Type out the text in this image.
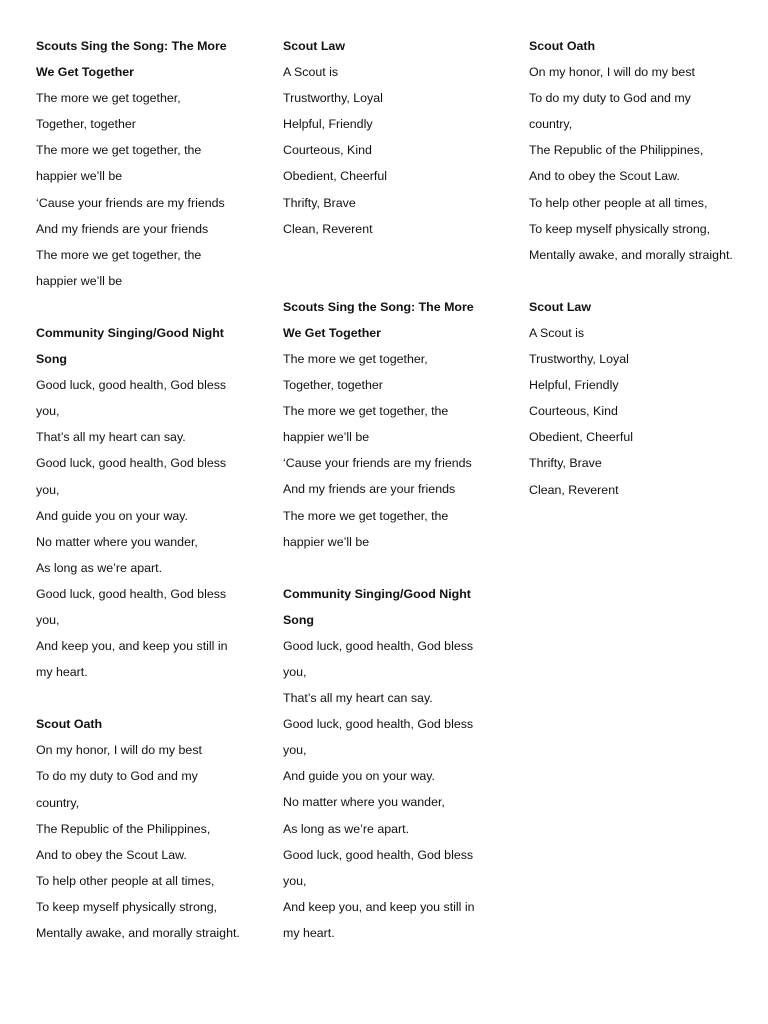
Scouts Sing the Song: The More We Get Together
The more we get together,
Together, together
The more we get together, the happier we’ll be
‘Cause your friends are my friends
And my friends are your friends
The more we get together, the happier we’ll be
Community Singing/Good Night Song
Good luck, good health, God bless you,
That’s all my heart can say.
Good luck, good health, God bless you,
And guide you on your way.
No matter where you wander,
As long as we’re apart.
Good luck, good health, God bless you,
And keep you, and keep you still in my heart.
Scout Oath
On my honor, I will do my best
To do my duty to God and my country,
The Republic of the Philippines,
And to obey the Scout Law.
To help other people at all times,
To keep myself physically strong,
Mentally awake, and morally straight.
Scout Law
A Scout is
Trustworthy, Loyal
Helpful, Friendly
Courteous, Kind
Obedient, Cheerful
Thrifty, Brave
Clean, Reverent
Scouts Sing the Song: The More We Get Together
The more we get together,
Together, together
The more we get together, the happier we’ll be
‘Cause your friends are my friends
And my friends are your friends
The more we get together, the happier we’ll be
Community Singing/Good Night Song
Good luck, good health, God bless you,
That’s all my heart can say.
Good luck, good health, God bless you,
And guide you on your way.
No matter where you wander,
As long as we’re apart.
Good luck, good health, God bless you,
And keep you, and keep you still in my heart.
Scout Oath
On my honor, I will do my best
To do my duty to God and my country,
The Republic of the Philippines,
And to obey the Scout Law.
To help other people at all times,
To keep myself physically strong,
Mentally awake, and morally straight.
Scout Law
A Scout is
Trustworthy, Loyal
Helpful, Friendly
Courteous, Kind
Obedient, Cheerful
Thrifty, Brave
Clean, Reverent
